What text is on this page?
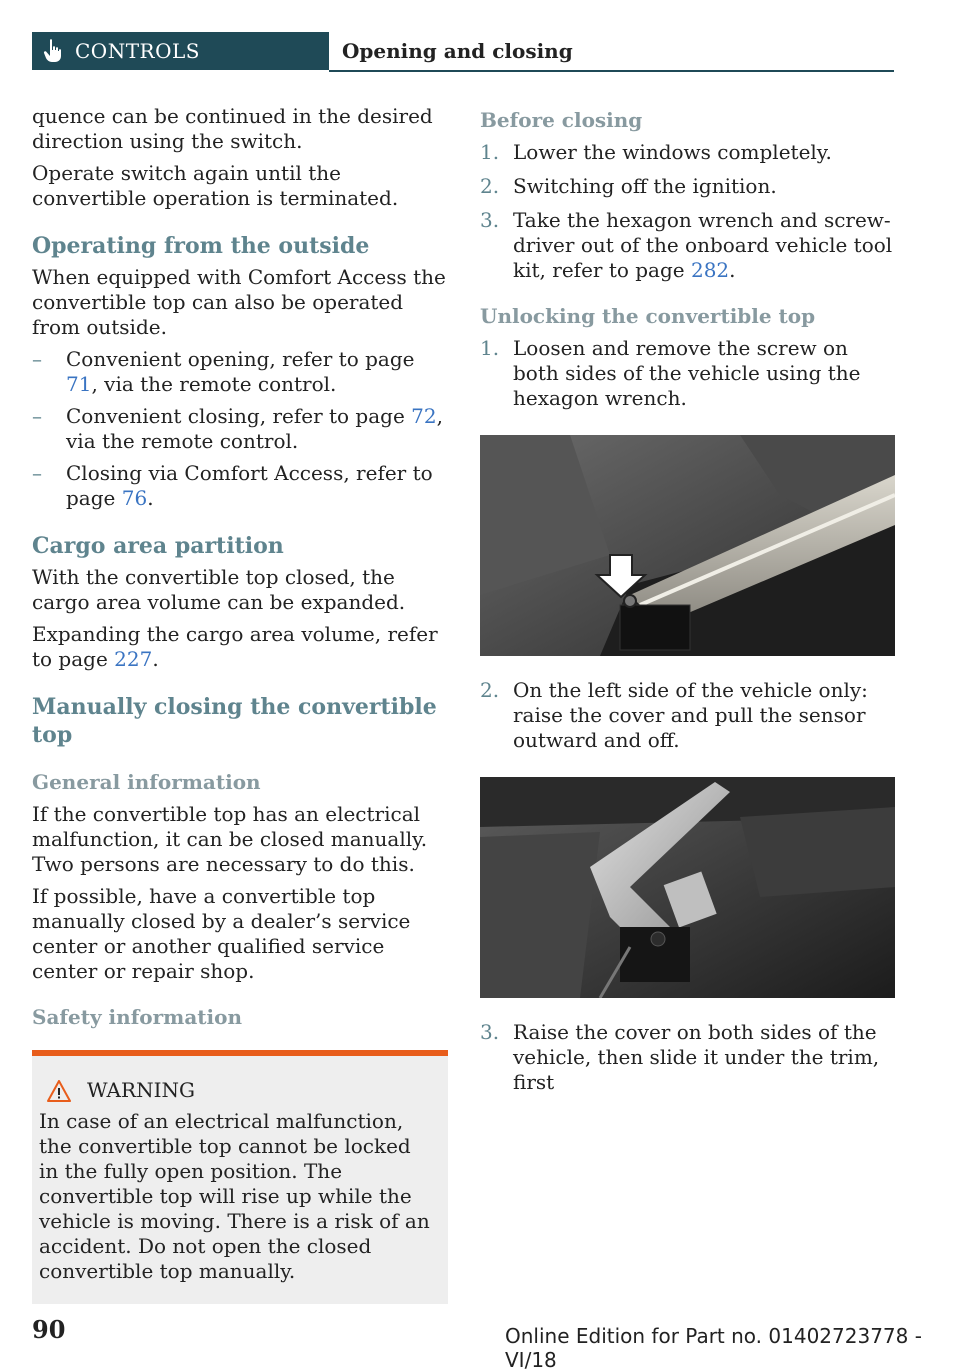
CONTROLS	Opening and closing

quence can be continued in the desired direction using the switch.

Operate switch again until the convertible operation is terminated.

Operating from the outside

When equipped with Comfort Access the convertible top can also be operated from outside.

– Convenient opening, refer to page 71, via the remote control.
– Convenient closing, refer to page 72, via the remote control.
– Closing via Comfort Access, refer to page 76.
Cargo area partition

With the convertible top closed, the cargo area volume can be expanded.

Expanding the cargo area volume, refer to page 227.

Manually closing the convertible top
General information

If the convertible top has an electrical malfunction, it can be closed manually. Two persons are necessary to do this.

If possible, have a convertible top manually closed by a dealer’s service center or another qualified service center or repair shop.

Safety information
WARNING
In case of an electrical malfunction, the convertible top cannot be locked in the fully open position. The convertible top will rise up while the vehicle is moving. There is a risk of an accident. Do not open the closed convertible top manually.
Before closing
1. Lower the windows completely.
2. Switching off the ignition.
3. Take the hexagon wrench and screwdriver out of the onboard vehicle tool kit, refer to page 282.
Unlocking the convertible top
1. Loosen and remove the screw on both sides of the vehicle using the hexagon wrench.
2. On the left side of the vehicle only: raise the cover and pull the sensor outward and off.
3. Raise the cover on both sides of the vehicle, then slide it under the trim, first
90	Online Edition for Part no. 01402723778 - VI/18
